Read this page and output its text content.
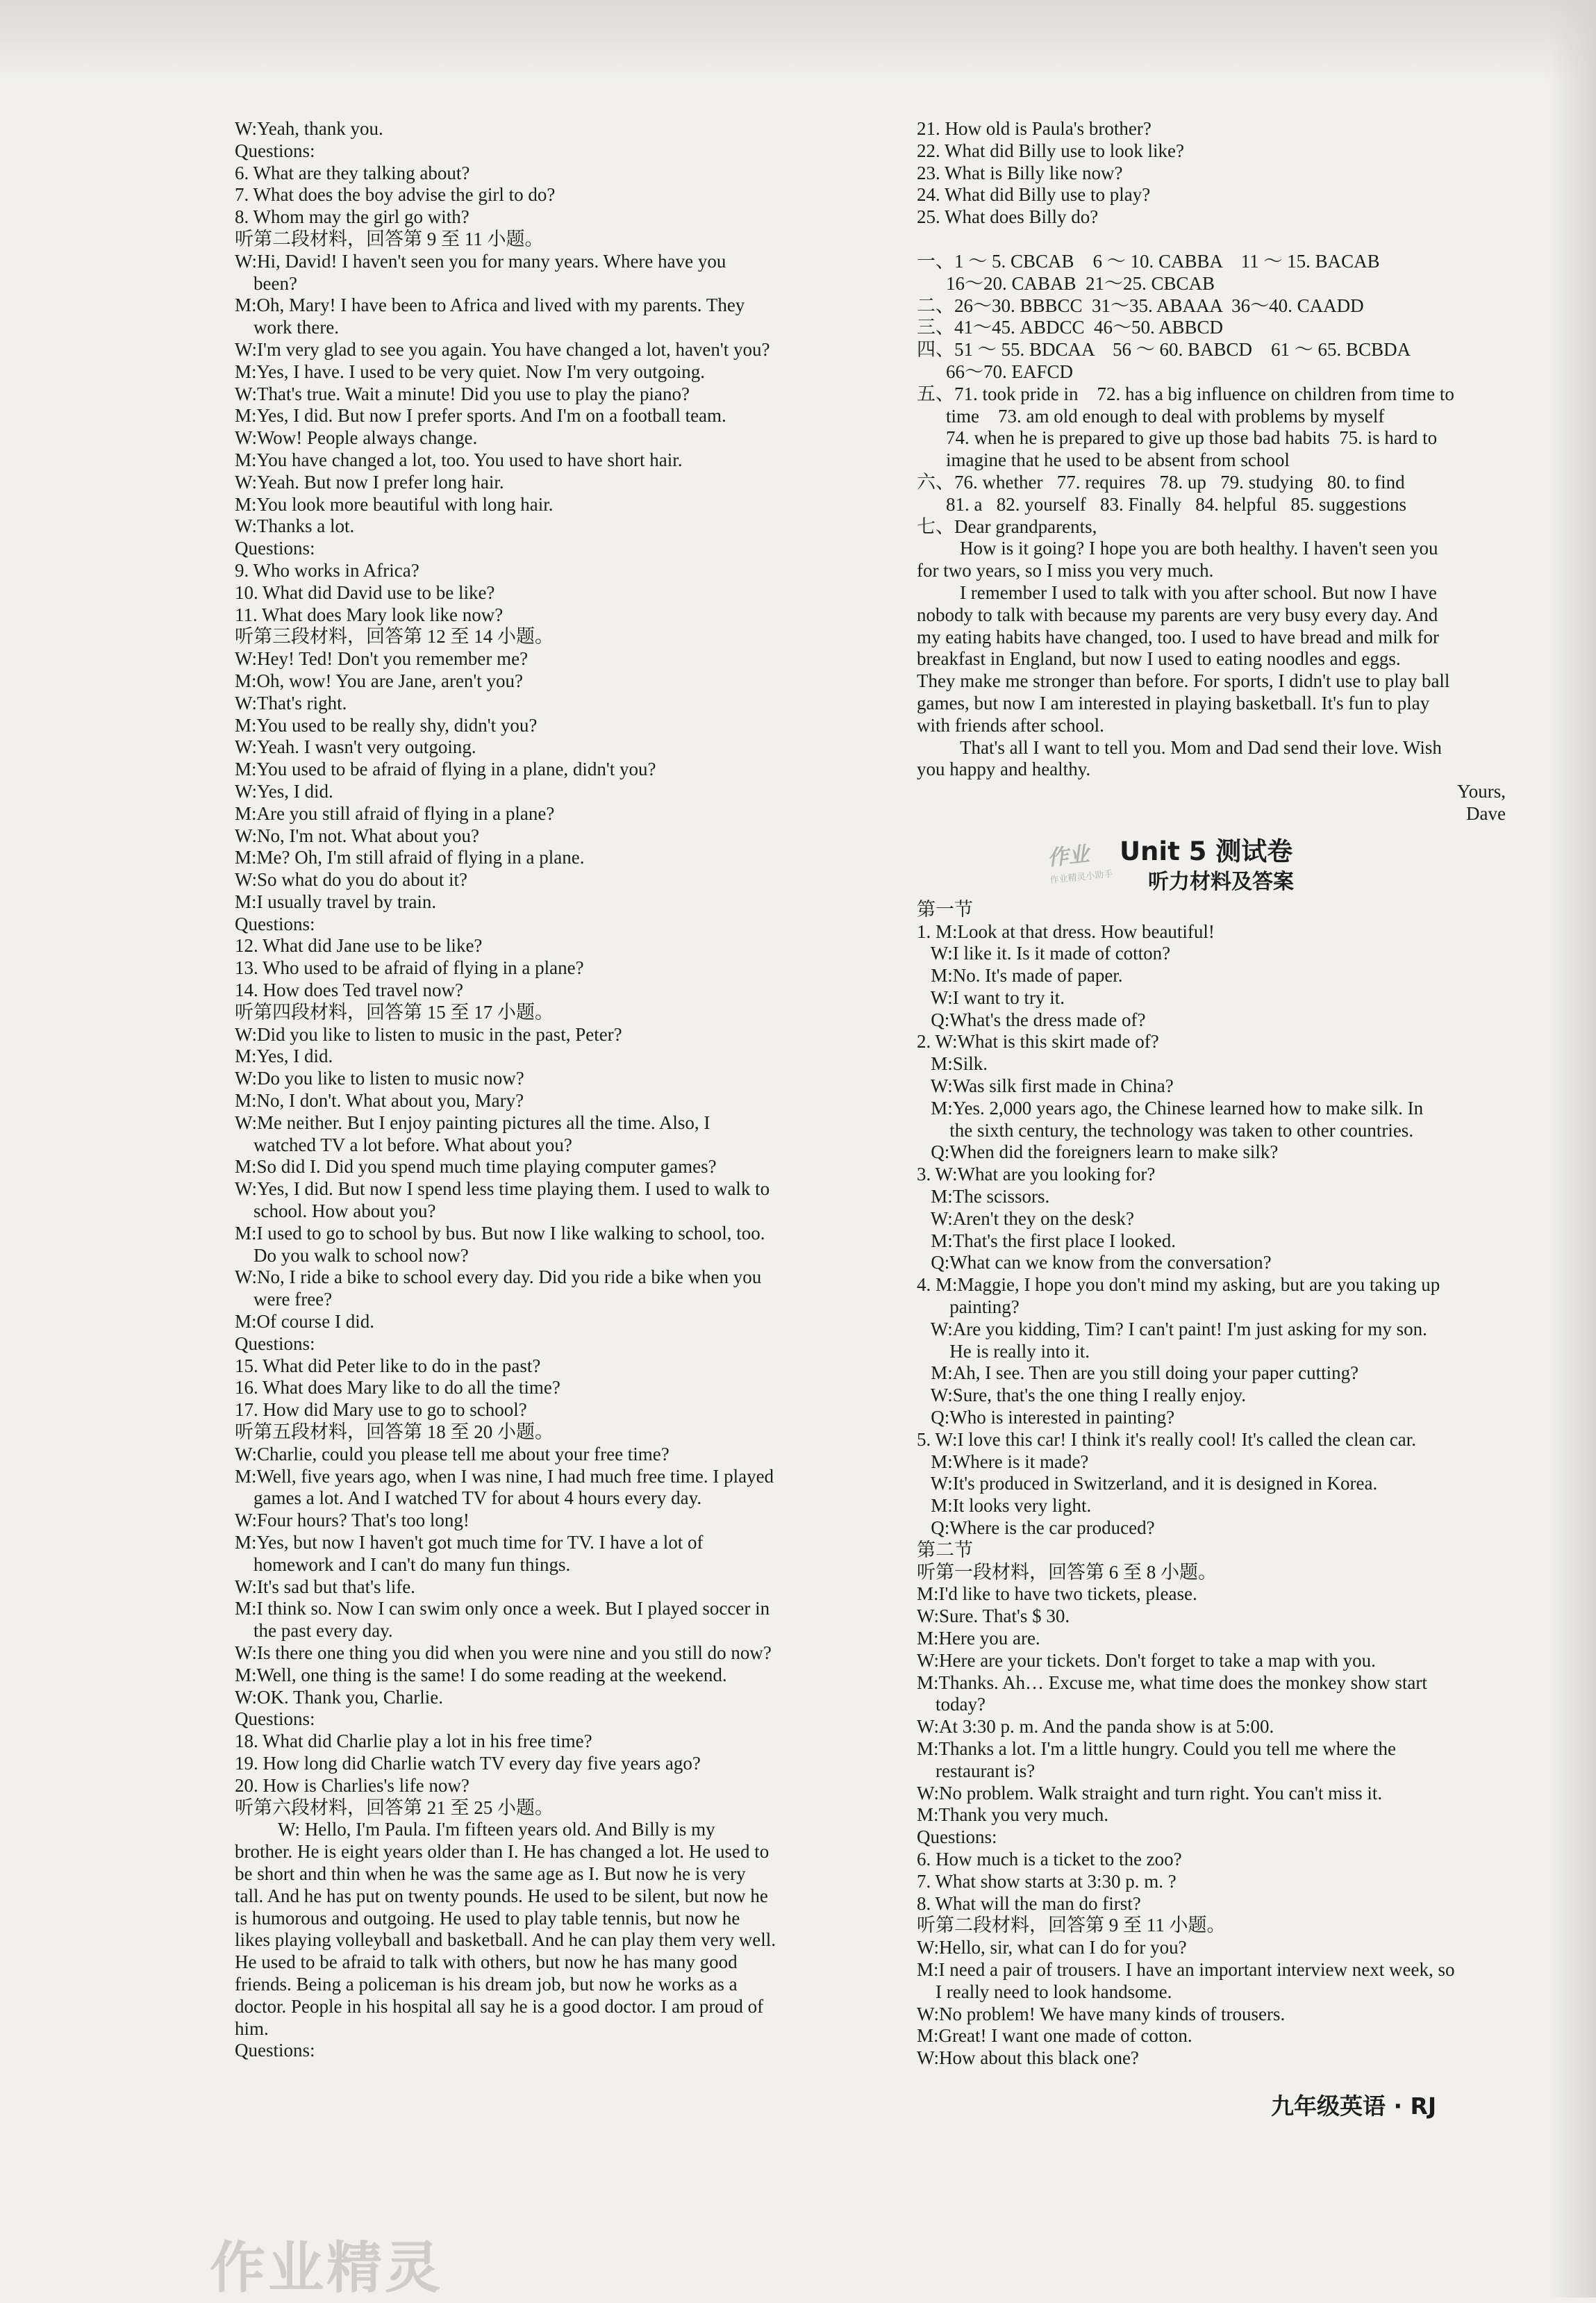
W:Yeah, thank you.
Questions:
6. What are they talking about?
7. What does the boy advise the girl to do?
8. Whom may the girl go with?
听第二段材料，回答第 9 至 11 小题。
W:Hi, David! I haven't seen you for many years. Where have you
been?
M:Oh, Mary! I have been to Africa and lived with my parents. They
work there.
W:I'm very glad to see you again. You have changed a lot, haven't you?
M:Yes, I have. I used to be very quiet. Now I'm very outgoing.
W:That's true. Wait a minute! Did you use to play the piano?
M:Yes, I did. But now I prefer sports. And I'm on a football team.
W:Wow! People always change.
M:You have changed a lot, too. You used to have short hair.
W:Yeah. But now I prefer long hair.
M:You look more beautiful with long hair.
W:Thanks a lot.
Questions:
9. Who works in Africa?
10. What did David use to be like?
11. What does Mary look like now?
听第三段材料，回答第 12 至 14 小题。
W:Hey! Ted! Don't you remember me?
M:Oh, wow! You are Jane, aren't you?
W:That's right.
M:You used to be really shy, didn't you?
W:Yeah. I wasn't very outgoing.
M:You used to be afraid of flying in a plane, didn't you?
W:Yes, I did.
M:Are you still afraid of flying in a plane?
W:No, I'm not. What about you?
M:Me? Oh, I'm still afraid of flying in a plane.
W:So what do you do about it?
M:I usually travel by train.
Questions:
12. What did Jane use to be like?
13. Who used to be afraid of flying in a plane?
14. How does Ted travel now?
听第四段材料，回答第 15 至 17 小题。
W:Did you like to listen to music in the past, Peter?
M:Yes, I did.
W:Do you like to listen to music now?
M:No, I don't. What about you, Mary?
W:Me neither. But I enjoy painting pictures all the time. Also, I
watched TV a lot before. What about you?
M:So did I. Did you spend much time playing computer games?
W:Yes, I did. But now I spend less time playing them. I used to walk to
school. How about you?
M:I used to go to school by bus. But now I like walking to school, too.
Do you walk to school now?
W:No, I ride a bike to school every day. Did you ride a bike when you
were free?
M:Of course I did.
Questions:
15. What did Peter like to do in the past?
16. What does Mary like to do all the time?
17. How did Mary use to go to school?
听第五段材料，回答第 18 至 20 小题。
W:Charlie, could you please tell me about your free time?
M:Well, five years ago, when I was nine, I had much free time. I played
games a lot. And I watched TV for about 4 hours every day.
W:Four hours? That's too long!
M:Yes, but now I haven't got much time for TV. I have a lot of
homework and I can't do many fun things.
W:It's sad but that's life.
M:I think so. Now I can swim only once a week. But I played soccer in
the past every day.
W:Is there one thing you did when you were nine and you still do now?
M:Well, one thing is the same! I do some reading at the weekend.
W:OK. Thank you, Charlie.
Questions:
18. What did Charlie play a lot in his free time?
19. How long did Charlie watch TV every day five years ago?
20. How is Charlies's life now?
听第六段材料，回答第 21 至 25 小题。
W: Hello, I'm Paula. I'm fifteen years old. And Billy is my
brother. He is eight years older than I. He has changed a lot. He used to
be short and thin when he was the same age as I. But now he is very
tall. And he has put on twenty pounds. He used to be silent, but now he
is humorous and outgoing. He used to play table tennis, but now he
likes playing volleyball and basketball. And he can play them very well.
He used to be afraid to talk with others, but now he has many good
friends. Being a policeman is his dream job, but now he works as a
doctor. People in his hospital all say he is a good doctor. I am proud of
him.
Questions:
21. How old is Paula's brother?
22. What did Billy use to look like?
23. What is Billy like now?
24. What did Billy use to play?
25. What does Billy do?
一、1 ～ 5. CBCAB    6 ～ 10. CABBA    11 ～ 15. BACAB
16～20. CABAB  21～25. CBCAB
二、26～30. BBBCC  31～35. ABAAA  36～40. CAADD
三、41～45. ABDCC  46～50. ABBCD
四、51 ～ 55. BDCAA    56 ～ 60. BABCD    61 ～ 65. BCBDA
66～70. EAFCD
五、71. took pride in    72. has a big influence on children from time to
time    73. am old enough to deal with problems by myself
74. when he is prepared to give up those bad habits  75. is hard to
imagine that he used to be absent from school
六、76. whether   77. requires   78. up   79. studying   80. to find
81. a   82. yourself   83. Finally   84. helpful   85. suggestions
七、Dear grandparents,
How is it going? I hope you are both healthy. I haven't seen you
for two years, so I miss you very much.
I remember I used to talk with you after school. But now I have
nobody to talk with because my parents are very busy every day. And
my eating habits have changed, too. I used to have bread and milk for
breakfast in England, but now I used to eating noodles and eggs.
They make me stronger than before. For sports, I didn't use to play ball
games, but now I am interested in playing basketball. It's fun to play
with friends after school.
That's all I want to tell you. Mom and Dad send their love. Wish
you happy and healthy.
Yours,
Dave
作业
作业精灵小助手
Unit 5 测试卷
听力材料及答案
第一节
1. M:Look at that dress. How beautiful!
W:I like it. Is it made of cotton?
M:No. It's made of paper.
W:I want to try it.
Q:What's the dress made of?
2. W:What is this skirt made of?
M:Silk.
W:Was silk first made in China?
M:Yes. 2,000 years ago, the Chinese learned how to make silk. In
the sixth century, the technology was taken to other countries.
Q:When did the foreigners learn to make silk?
3. W:What are you looking for?
M:The scissors.
W:Aren't they on the desk?
M:That's the first place I looked.
Q:What can we know from the conversation?
4. M:Maggie, I hope you don't mind my asking, but are you taking up
painting?
W:Are you kidding, Tim? I can't paint! I'm just asking for my son.
He is really into it.
M:Ah, I see. Then are you still doing your paper cutting?
W:Sure, that's the one thing I really enjoy.
Q:Who is interested in painting?
5. W:I love this car! I think it's really cool! It's called the clean car.
M:Where is it made?
W:It's produced in Switzerland, and it is designed in Korea.
M:It looks very light.
Q:Where is the car produced?
第二节
听第一段材料，回答第 6 至 8 小题。
M:I'd like to have two tickets, please.
W:Sure. That's $ 30.
M:Here you are.
W:Here are your tickets. Don't forget to take a map with you.
M:Thanks. Ah… Excuse me, what time does the monkey show start
today?
W:At 3:30 p. m. And the panda show is at 5:00.
M:Thanks a lot. I'm a little hungry. Could you tell me where the
restaurant is?
W:No problem. Walk straight and turn right. You can't miss it.
M:Thank you very much.
Questions:
6. How much is a ticket to the zoo?
7. What show starts at 3:30 p. m. ?
8. What will the man do first?
听第二段材料，回答第 9 至 11 小题。
W:Hello, sir, what can I do for you?
M:I need a pair of trousers. I have an important interview next week, so
I really need to look handsome.
W:No problem! We have many kinds of trousers.
M:Great! I want one made of cotton.
W:How about this black one?
九年级英语 · RJ
作业精灵
